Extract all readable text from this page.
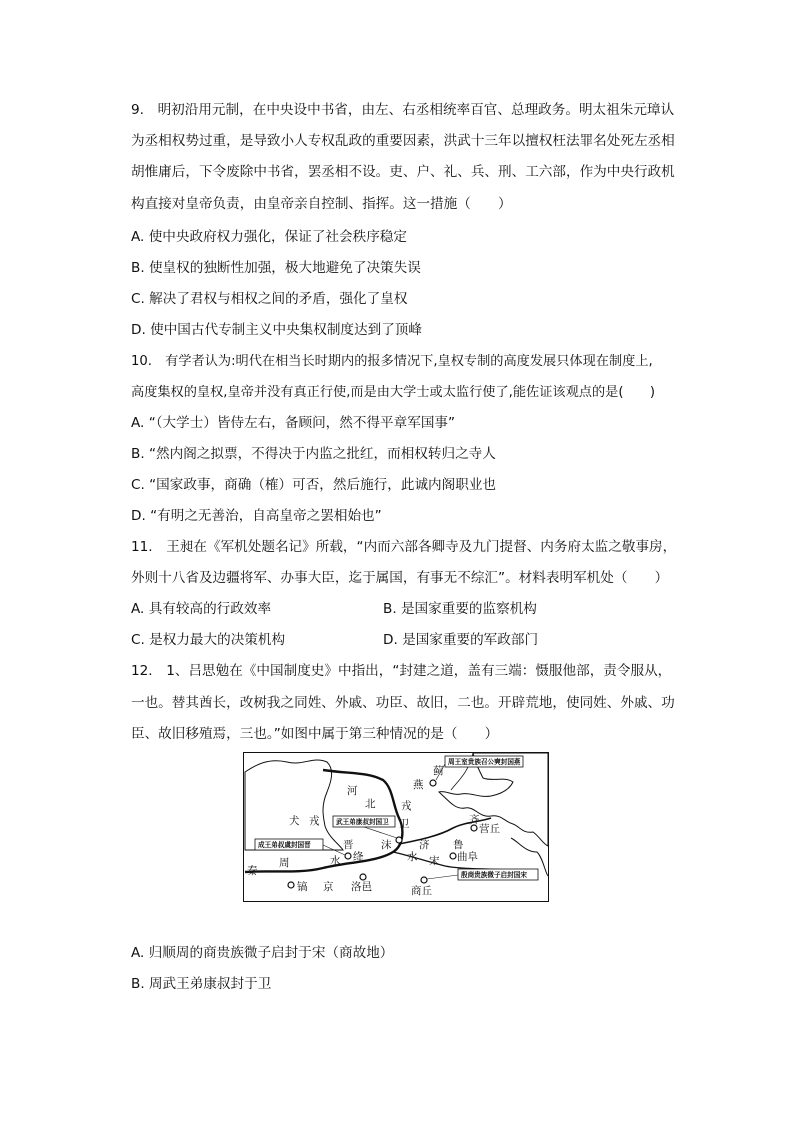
9.　明初沿用元制，在中央设中书省，由左、右丞相统率百官、总理政务。明太祖朱元璋认
为丞相权势过重，是导致小人专权乱政的重要因素，洪武十三年以擅权枉法罪名处死左丞相
胡惟庸后，下令废除中书省，罢丞相不设。吏、户、礼、兵、刑、工六部，作为中央行政机
构直接对皇帝负责，由皇帝亲自控制、指挥。这一措施（　　）
A. 使中央政府权力强化，保证了社会秩序稳定
B. 使皇权的独断性加强，极大地避免了决策失误
C. 解决了君权与相权之间的矛盾，强化了皇权
D. 使中国古代专制主义中央集权制度达到了顶峰
10.　有学者认为:明代在相当长时期内的报多情况下,皇权专制的高度发展只体现在制度上,
高度集权的皇权,皇帝并没有真正行使,而是由大学士或太监行使了,能佐证该观点的是(　　)
A. “（大学士）皆侍左右，备顾问，然不得平章军国事”
B. “然内阁之拟票，不得决于内监之批红，而相权转归之寺人
C. “国家政事，商确（榷）可否，然后施行，此诚内阁职业也
D. “有明之无善治，自高皇帝之罢相始也”
11.　王昶在《军机处题名记》所载，“内而六部各卿寺及九门提督、内务府太监之敬事房，
外则十八省及边疆将军、办事大臣，迄于属国，有事无不综汇”。材料表明军机处（　　）
A. 具有较高的行政效率	B. 是国家重要的监察机构
C. 是权力最大的决策机构	D. 是国家重要的军政部门
12.　1、吕思勉在《中国制度史》中指出，“封建之道，盖有三端：慑服他部，责令服从，
一也。替其酋长，改树我之同姓、外戚、功臣、故旧，二也。开辟荒地，使同姓、外戚、功
臣、故旧移殖焉，三也。”如图中属于第三种情况的是（　　）
周王室贵族召公奭封国燕
武王弟康叔封国卫
成王弟叔虞封国晋
殷商贵族微子启封国宋
河
北 戎
犬 戎
燕
蓟
齐
营丘
晋
卫
沫	济 鲁
曲阜
秦
周	水 绛	水 宋
镐 京 洛邑	商丘
A. 归顺周的商贵族微子启封于宋（商故地）
B. 周武王弟康叔封于卫
